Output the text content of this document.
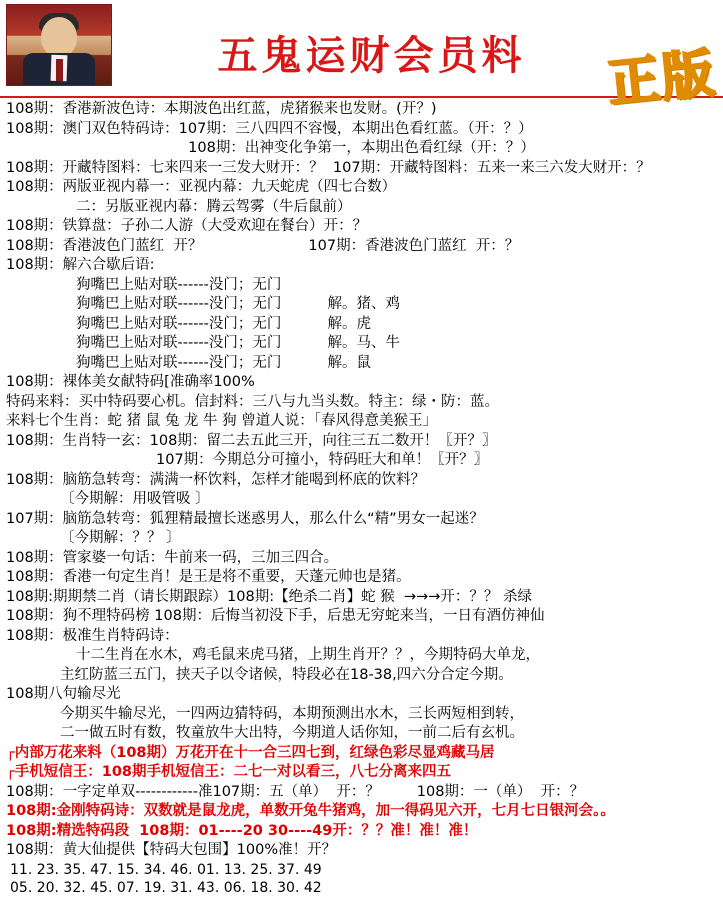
五鬼运财会员料	正版
108期：香港新波色诗：本期波色出红蓝，虎猪猴来也发财。(开？)
108期：澳门双色特码诗：107期：三八四四不容慢，本期出色看红蓝。（开：？）
108期：出神变化争第一，本期出色看红绿（开：？）
108期：开藏特图料：七来四来一三发大财开：？  107期：开藏特图料：五来一来三六发大财开：？
108期：两版亚视内幕一：亚视内幕：九天蛇虎（四七合数）
二：另版亚视内幕：腾云驾雾（牛后鼠前）
108期：铁算盘：子孙二人游（大受欢迎在餐台）开：？
108期：香港波色门蓝红  开？                       107期：香港波色门蓝红  开：？
108期：解六合歇后语:
狗嘴巴上贴对联------没门；无门
狗嘴巴上贴对联------没门；无门          解。猪、鸡
狗嘴巴上贴对联------没门；无门          解。虎
狗嘴巴上贴对联------没门；无门          解。马、牛
狗嘴巴上贴对联------没门；无门          解。鼠
108期：裸体美女献特码[准确率100%
特码来料：买中特码要心机。信封料：三八与九当头数。特主：绿・防：蓝。
来料七个生肖：蛇 猪 鼠 兔 龙 牛 狗 曾道人说：「春风得意美猴王」
108期：生肖特一玄：108期：留二去五此三开，向往三五二数开！〖开？〗
107期：今期总分可撞小，特码旺大和单！〖开？〗
108期：脑筋急转弯：满满一杯饮料，怎样才能喝到杯底的饮料？
〔今期解：用吸管吸 〕
107期：脑筋急转弯：狐狸精最擅长迷惑男人，那么什么“精”男女一起迷？
〔今期解：？？ 〕
108期：管家婆一句话：牛前来一码，三加三四合。
108期：香港一句定生肖！是王是将不重要，天蓬元帅也是猪。
108期:期期禁二肖（请长期跟踪）108期:【绝杀二肖】蛇 猴  →→→开：？？ 杀绿
108期：狗不理特码榜 108期：后悔当初没下手，后患无穷蛇来当，一日有酒仿神仙
108期：极准生肖特码诗：
十二生肖在水木，鸡毛鼠来虎马猪，上期生肖开？？，今期特码大单龙，
主红防蓝三五门，挟天子以令诸候，特段必在18-38,四六分合定今期。
108期八句输尽光
今期买牛输尽光，一四两边猜特码，本期预测出水木，三长两短相到转，
二一做五时有数，牧童放牛大出特，今期道人话你知，一前二后有玄机。
┌内部万花来料（108期）万花开在十一合三四七到，红绿色彩尽显鸡藏马居
┌手机短信王：108期手机短信王：二七一对以看三，八七分离来四五
108期：一字定单双------------准107期：五（单）  开：？        108期：一（单）  开：？
108期:金刚特码诗：双数就是鼠龙虎，单数开兔牛猪鸡，加一得码见六开，七月七日银河会。。
108期:精选特码段  108期：01----20 30----49开：？？准！准！准！
108期：黄大仙提供【特码大包围】100%准！开？
11. 23. 35. 47. 15. 34. 46. 01. 13. 25. 37. 49
05. 20. 32. 45. 07. 19. 31. 43. 06. 18. 30. 42
